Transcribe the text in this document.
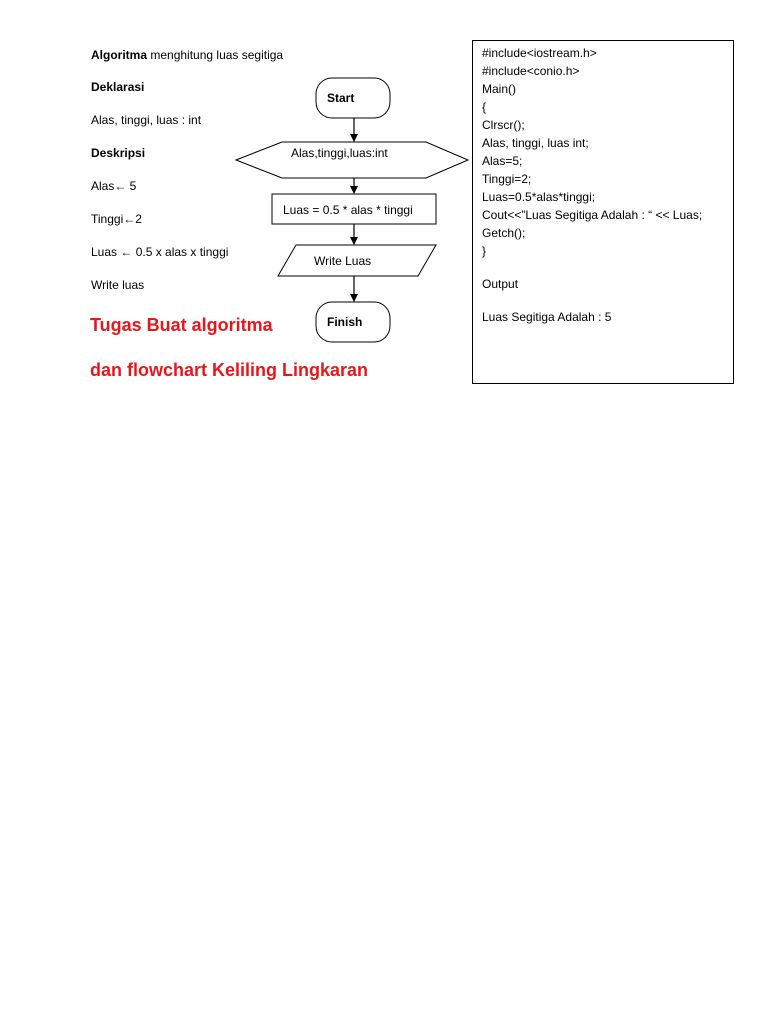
Algoritma menghitung luas segitiga
Deklarasi
Alas, tinggi, luas : int
Deskripsi
Alas← 5
Tinggi←2
Luas ← 0.5 x alas x tinggi
Write luas
Tugas Buat algoritma
dan flowchart Keliling Lingkaran
Start
Alas,tinggi,luas:int
Luas = 0.5 * alas * tinggi
Write Luas
Finish
#include<iostream.h>
#include<conio.h>
Main()
{
Clrscr();
Alas, tinggi, luas int;
Alas=5;
Tinggi=2;
Luas=0.5*alas*tinggi;
Cout<<”Luas Segitiga Adalah : “ << Luas;
Getch();
}
Output
Luas Segitiga Adalah : 5
